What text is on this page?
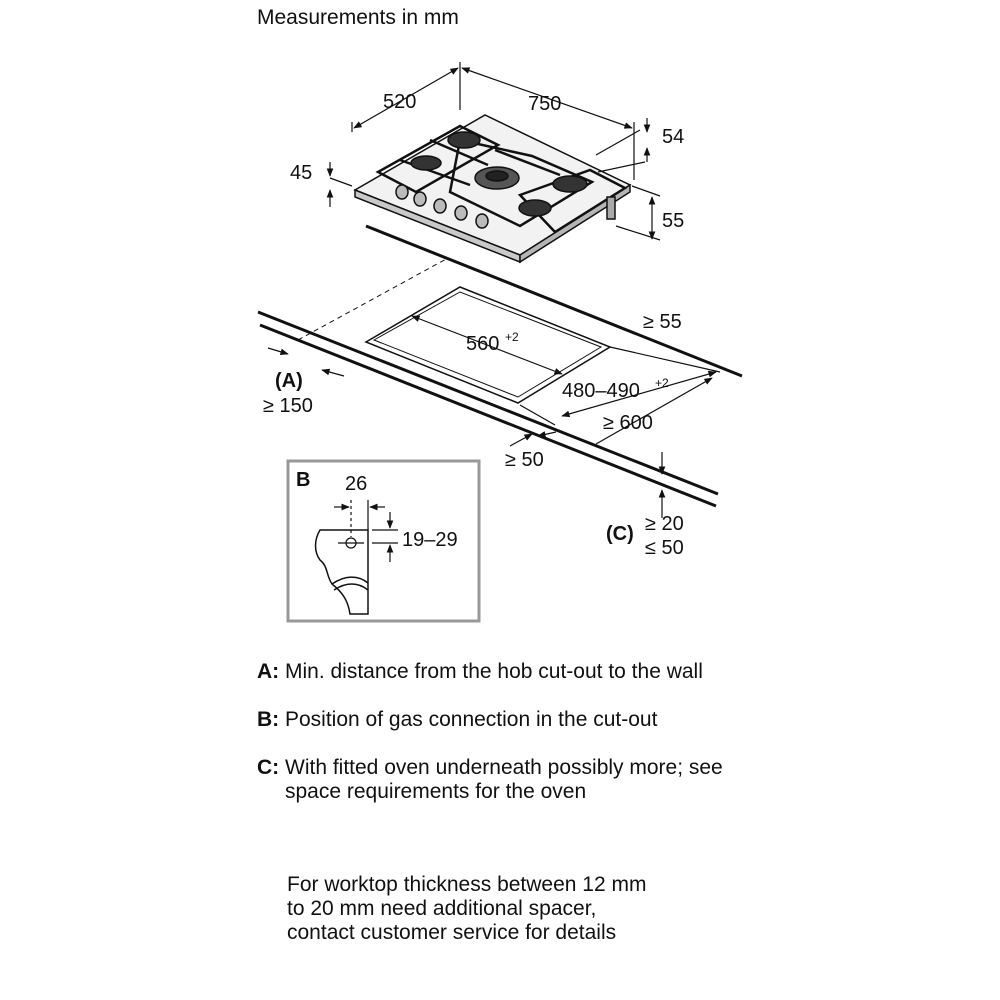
Measurements in mm
520	750
54
45
55
≥ 55
560 +2
480–490 +2
(A)
≥ 150
≥ 600
≥ 50
(C) ≥ 20
≤ 50
B 26
19–29
A: Min. distance from the hob cut-out to the wall
B: Position of gas connection in the cut-out
C: With fitted oven underneath possibly more; see space requirements for the oven
For worktop thickness between 12 mm
to 20 mm need additional spacer,
contact customer service for details
